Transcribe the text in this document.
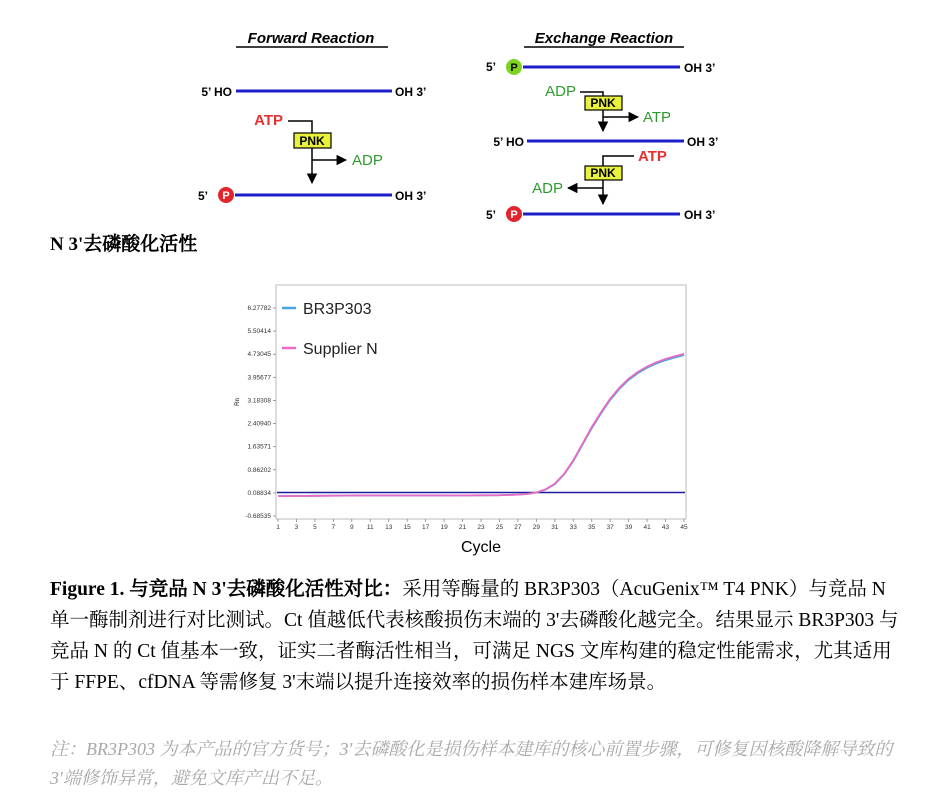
Forward Reaction
5’ HO	OH 3’
ATP
PNK
ADP
5’ P	OH 3’
Exchange Reaction
5’ P	OH 3’
ADP
PNK
ATP
5’ HO	OH 3’
ATP
PNK
ADP
5’ P	OH 3’
N 3'去磷酸化活性
6.27782
5.50414
4.73045
3.95677
3.18308
2.40940
1.63571
0.86202
0.08834
-0.68535
1 3 5 7 9 11 13 15 17 19 21 23 25 27 29 31 33 35 37 39 41 43 45
Rn
Cycle
BR3P303
Supplier N
Figure 1. 与竞品 N 3'去磷酸化活性对比：采用等酶量的 BR3P303（AcuGenix™ T4 PNK）与竞品 N 单一酶制剂进行对比测试。Ct 值越低代表核酸损伤末端的 3'去磷酸化越完全。结果显示 BR3P303 与竞品 N 的 Ct 值基本一致，证实二者酶活性相当，可满足 NGS 文库构建的稳定性能需求，尤其适用于 FFPE、cfDNA 等需修复 3'末端以提升连接效率的损伤样本建库场景。
注：BR3P303 为本产品的官方货号；3'去磷酸化是损伤样本建库的核心前置步骤，可修复因核酸降解导致的 3'端修饰异常，避免文库产出不足。
